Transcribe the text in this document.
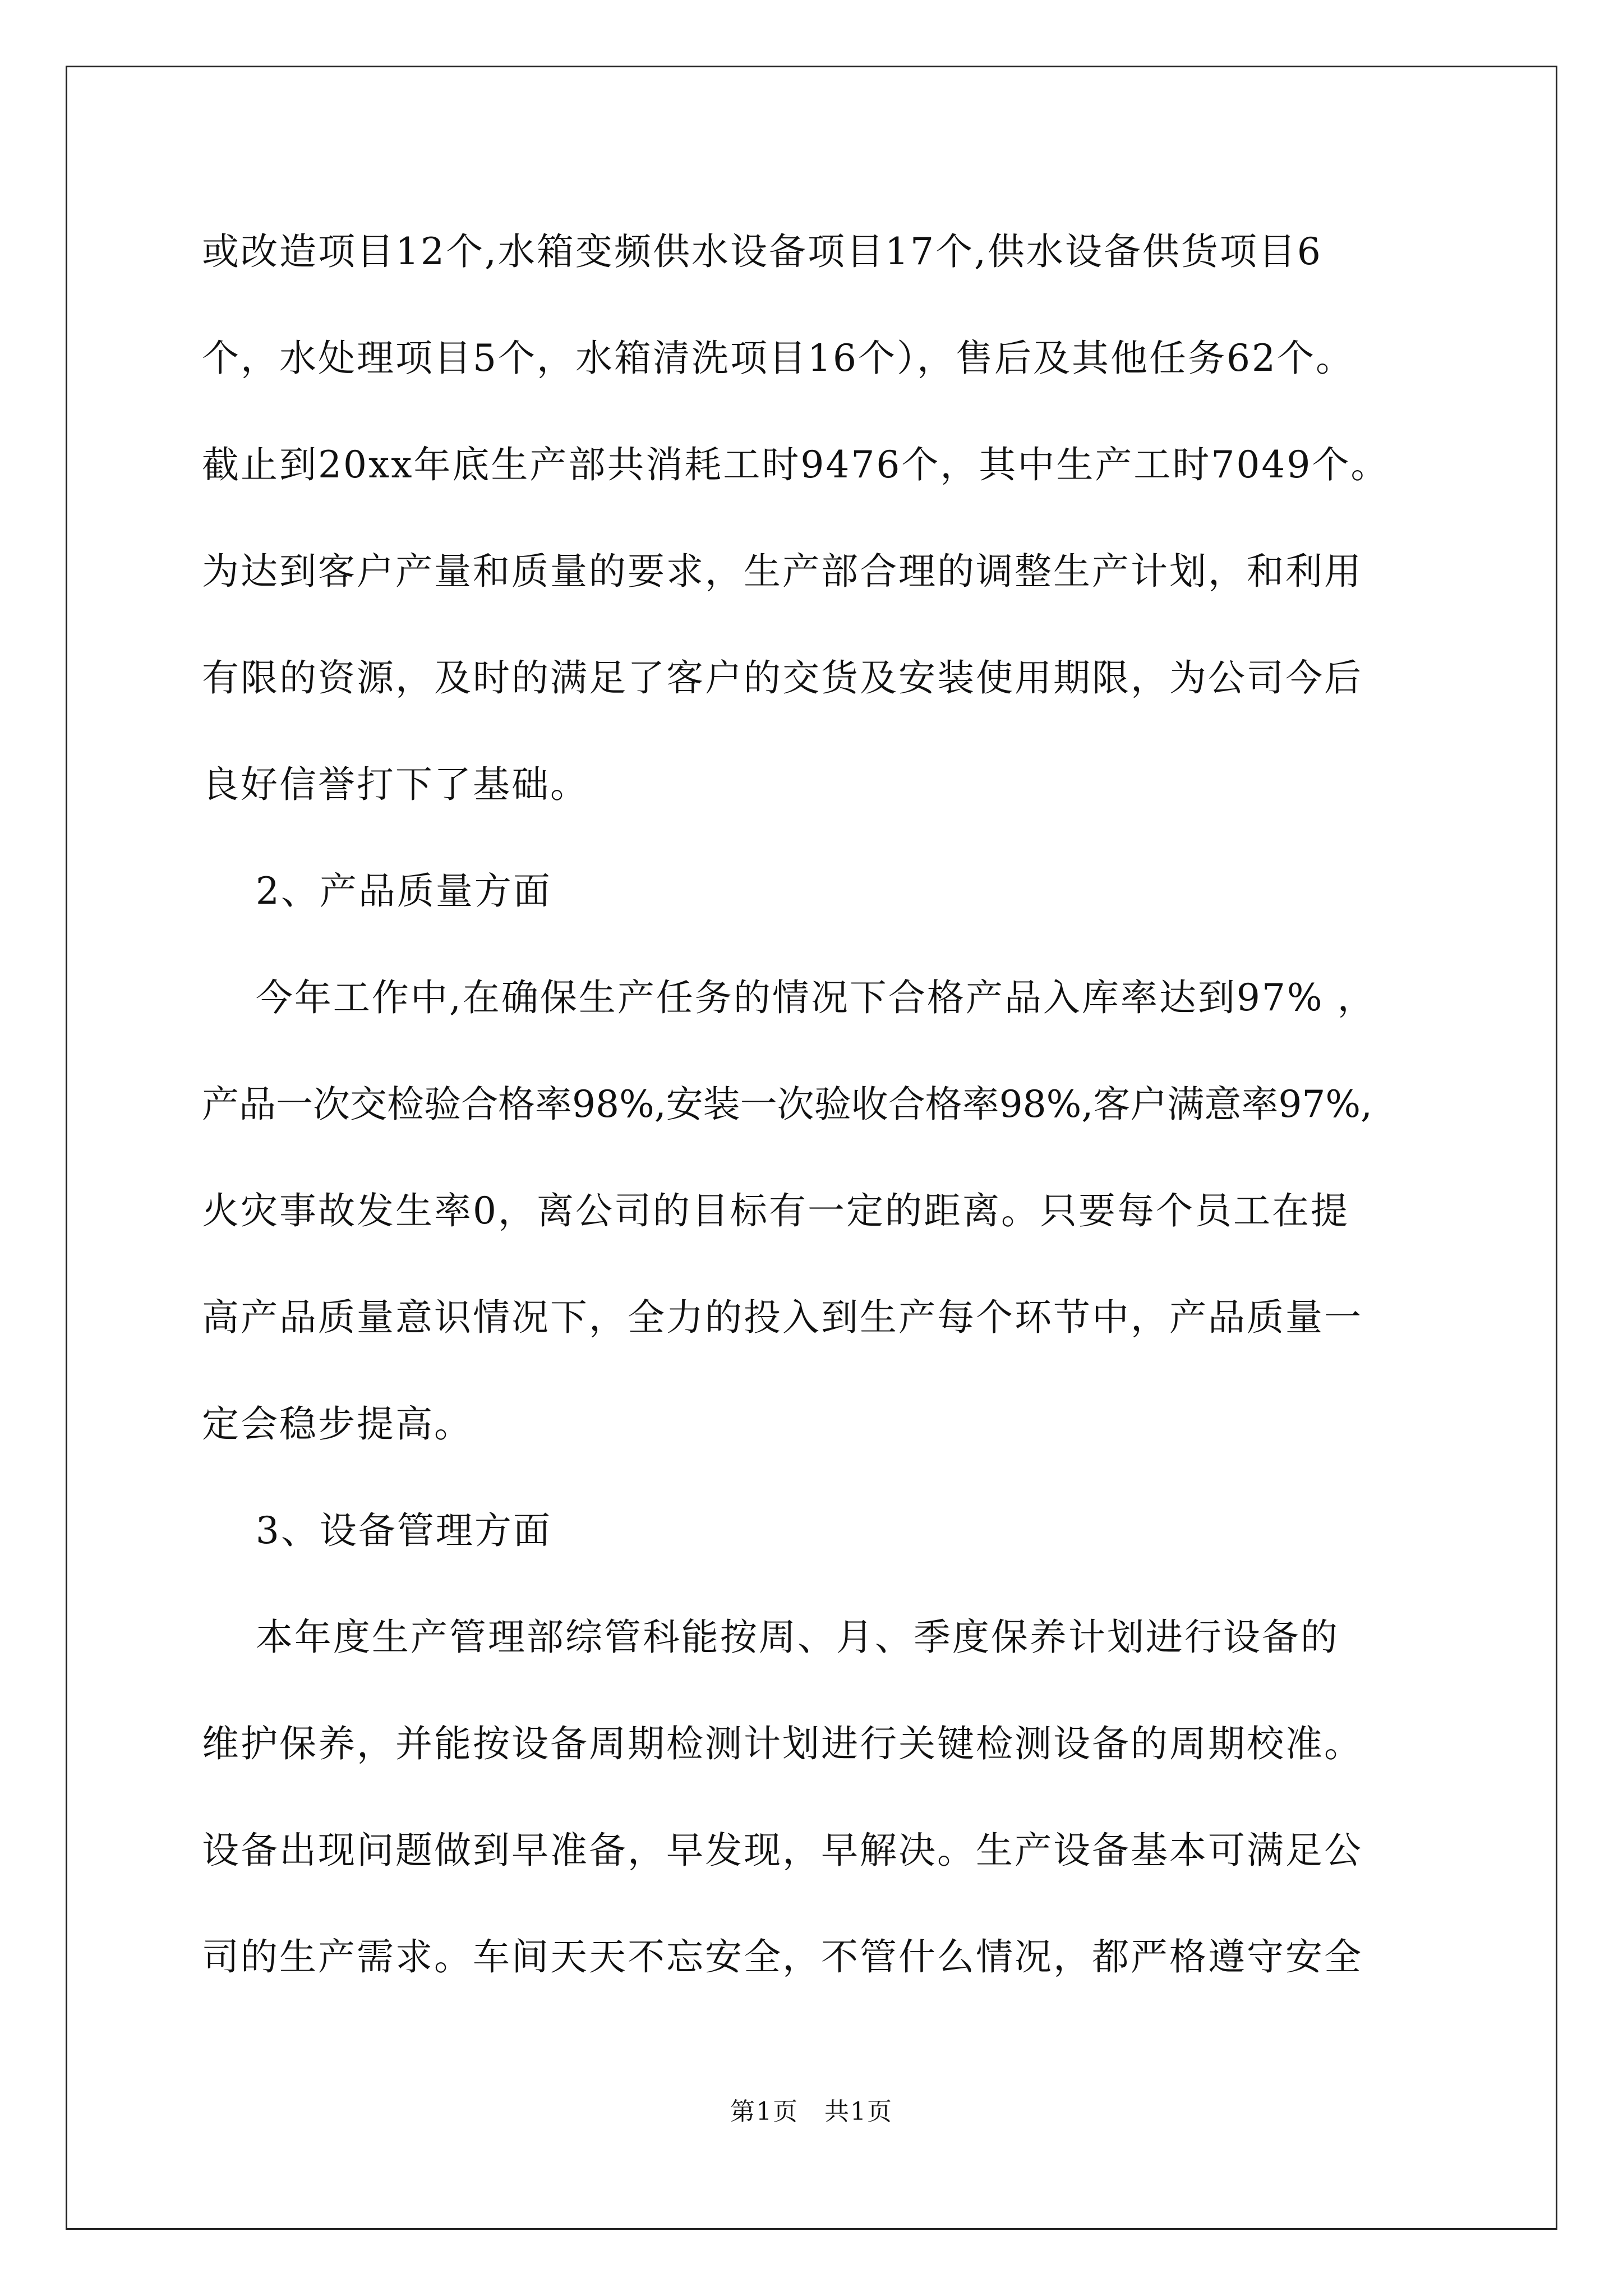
或改造项目12个,水箱变频供水设备项目17个,供水设备供货项目6
个，水处理项目5个，水箱清洗项目16个），售后及其他任务62个。
截止到20xx年底生产部共消耗工时9476个，其中生产工时7049个。
为达到客户产量和质量的要求，生产部合理的调整生产计划，和利用
有限的资源，及时的满足了客户的交货及安装使用期限，为公司今后
良好信誉打下了基础。
2、产品质量方面
今年工作中,在确保生产任务的情况下合格产品入库率达到97% ，
产品一次交检验合格率98%,安装一次验收合格率98%,客户满意率97%,
火灾事故发生率0，离公司的目标有一定的距离。只要每个员工在提
高产品质量意识情况下，全力的投入到生产每个环节中，产品质量一
定会稳步提高。
3、设备管理方面
本年度生产管理部综管科能按周、月、季度保养计划进行设备的
维护保养，并能按设备周期检测计划进行关键检测设备的周期校准。
设备出现问题做到早准备，早发现，早解决。生产设备基本可满足公
司的生产需求。车间天天不忘安全，不管什么情况，都严格遵守安全
第1页　共1页
